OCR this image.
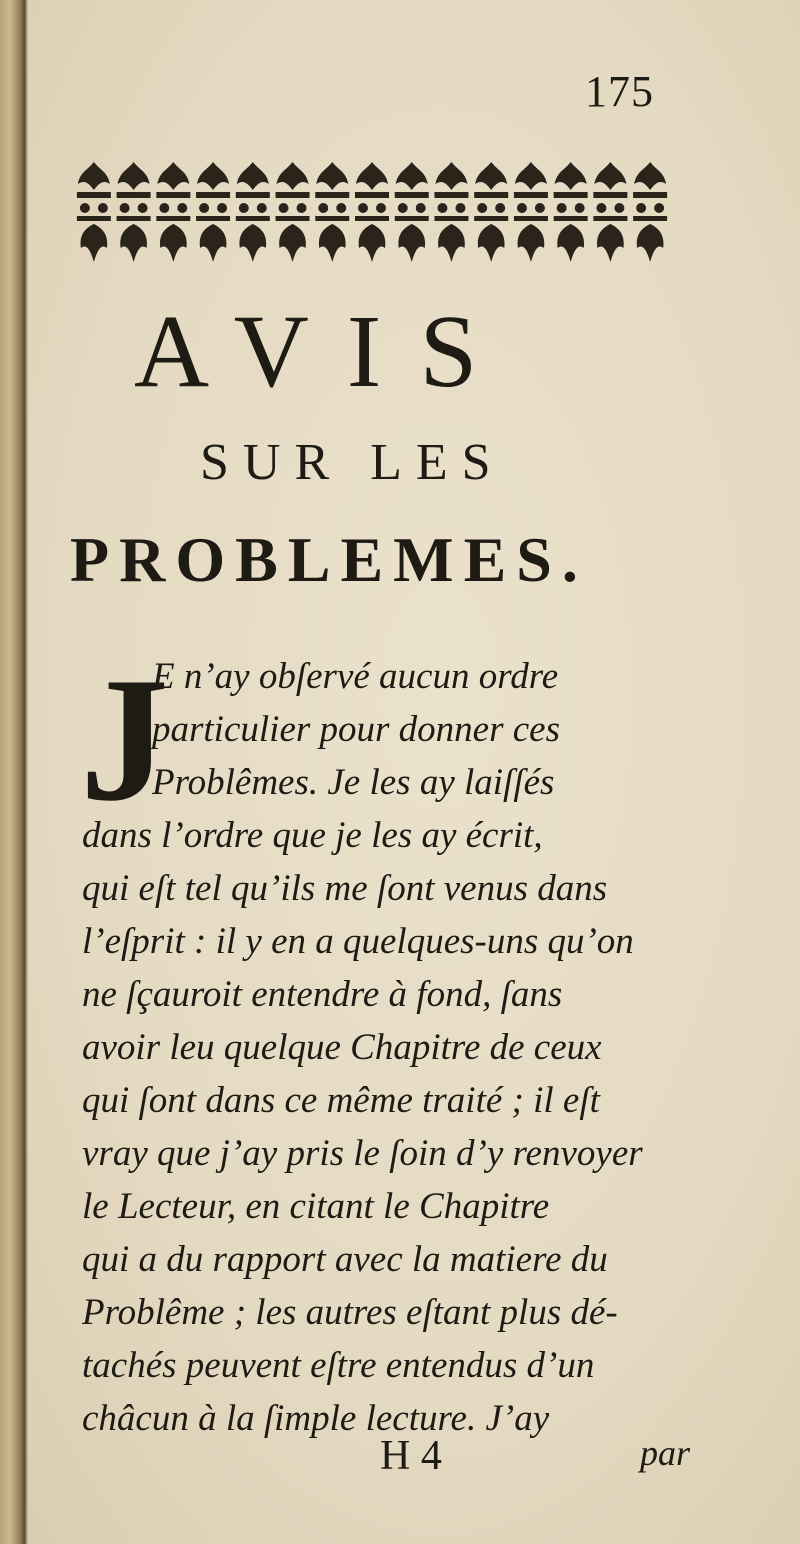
175
AVIS
SUR LES
PROBLEMES.
J
E n’ay obſervé aucun ordre
particulier pour donner ces
Problêmes. Je les ay laiſſés
dans l’ordre que je les ay écrit,
qui eſt tel qu’ils me ſont venus dans
l’eſprit : il y en a quelques-uns qu’on
ne ſçauroit entendre à fond, ſans
avoir leu quelque Chapitre de ceux
qui ſont dans ce même traité ; il eſt
vray que j’ay pris le ſoin d’y renvoyer
le Lecteur, en citant le Chapitre
qui a du rapport avec la matiere du
Problême ; les autres eſtant plus dé-
tachés peuvent eſtre entendus d’un
châcun à la ſimple lecture. J’ay
H 4	par
